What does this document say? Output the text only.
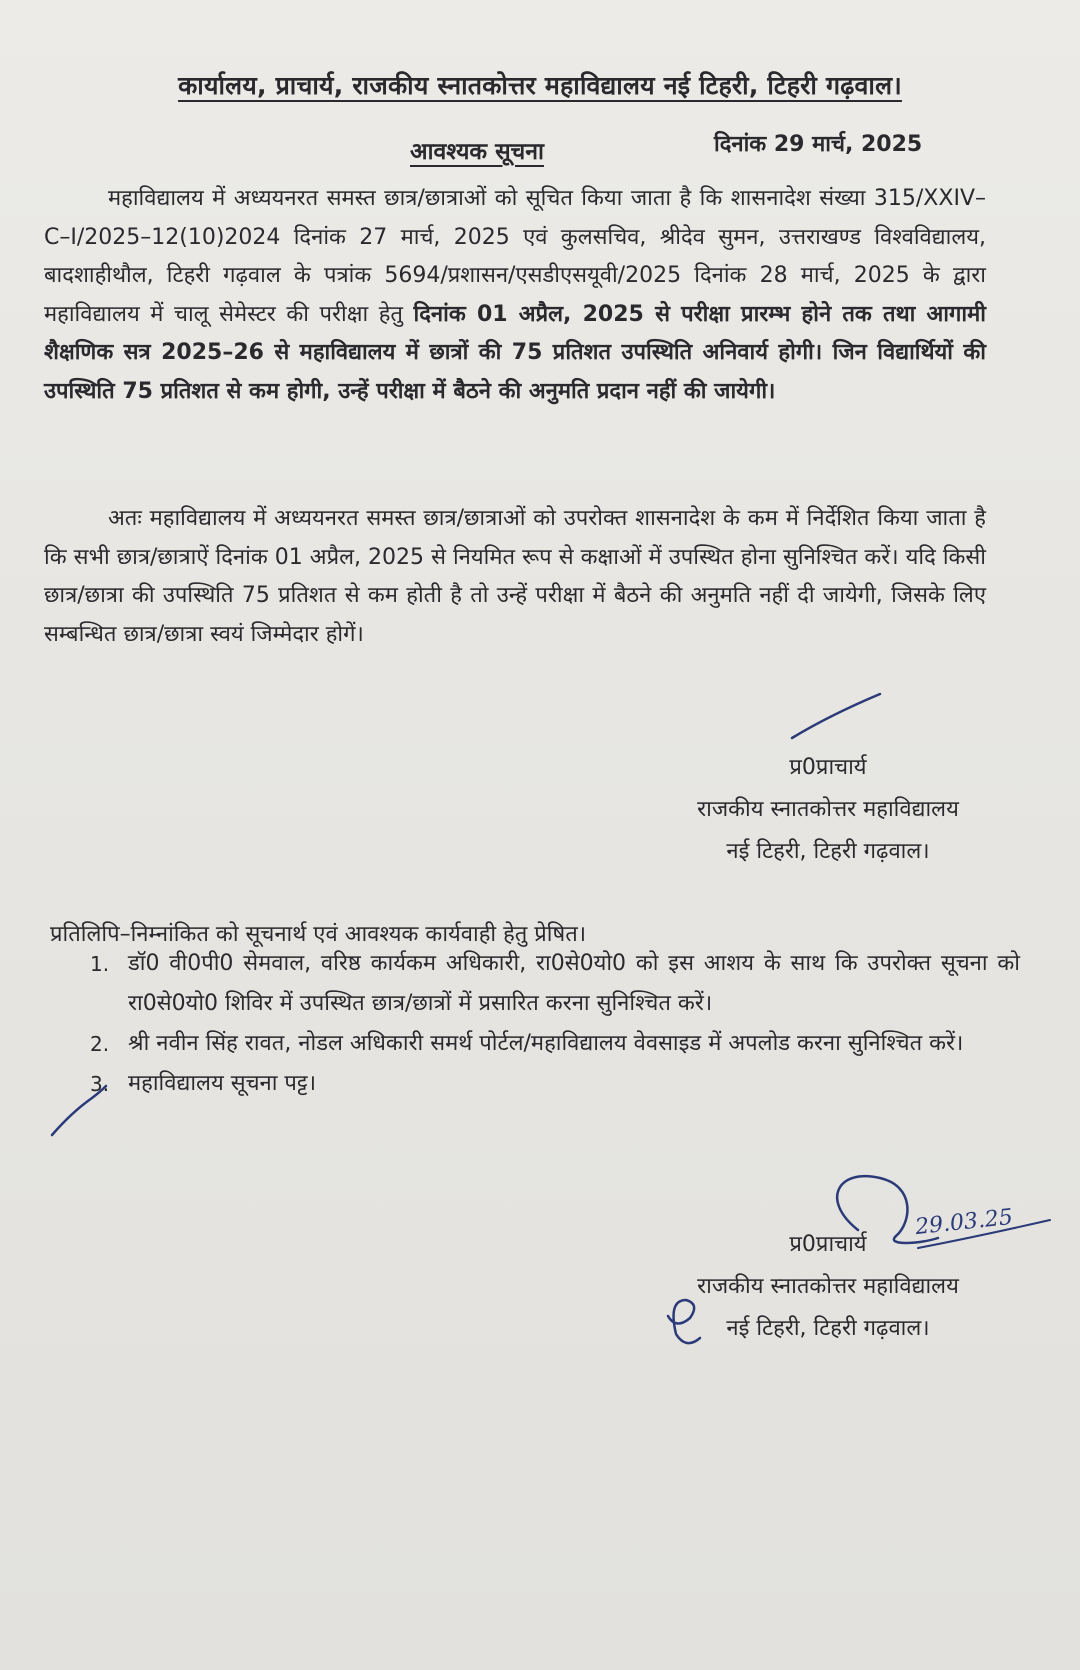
कार्यालय, प्राचार्य, राजकीय स्नातकोत्तर महाविद्यालय नई टिहरी, टिहरी गढ़वाल।
आवश्यक सूचना	दिनांक 29 मार्च, 2025

महाविद्यालय में अध्ययनरत समस्त छात्र/छात्राओं को सूचित किया जाता है कि शासनादेश संख्या 315/XXIV–C–I/2025–12(10)2024 दिनांक 27 मार्च, 2025 एवं कुलसचिव, श्रीदेव सुमन, उत्तराखण्ड विश्वविद्यालय, बादशाहीथौल, टिहरी गढ़वाल के पत्रांक 5694/प्रशासन/एसडीएसयूवी/2025 दिनांक 28 मार्च, 2025 के द्वारा महाविद्यालय में चालू सेमेस्टर की परीक्षा हेतु दिनांक 01 अप्रैल, 2025 से परीक्षा प्रारम्भ होने तक तथा आगामी शैक्षणिक सत्र 2025–26 से महाविद्यालय में छात्रों की 75 प्रतिशत उपस्थिति अनिवार्य होगी। जिन विद्यार्थियों की उपस्थिति 75 प्रतिशत से कम होगी, उन्हें परीक्षा में बैठने की अनुमति प्रदान नहीं की जायेगी।

अतः महाविद्यालय में अध्ययनरत समस्त छात्र/छात्राओं को उपरोक्त शासनादेश के कम में निर्देशित किया जाता है कि सभी छात्र/छात्राऐं दिनांक 01 अप्रैल, 2025 से नियमित रूप से कक्षाओं में उपस्थित होना सुनिश्चित करें। यदि किसी छात्र/छात्रा की उपस्थिति 75 प्रतिशत से कम होती है तो उन्हें परीक्षा में बैठने की अनुमति नहीं दी जायेगी, जिसके लिए सम्बन्धित छात्र/छात्रा स्वयं जिम्मेदार होगें।

प्र0प्राचार्य
राजकीय स्नातकोत्तर महाविद्यालय
नई टिहरी, टिहरी गढ़वाल।
प्रतिलिपि–निम्नांकित को सूचनार्थ एवं आवश्यक कार्यवाही हेतु प्रेषित।
1. डॉ0 वी0पी0 सेमवाल, वरिष्ठ कार्यकम अधिकारी, रा0से0यो0 को इस आशय के साथ कि उपरोक्त सूचना को रा0से0यो0 शिविर में उपस्थित छात्र/छात्रों में प्रसारित करना सुनिश्चित करें।
2. श्री नवीन सिंह रावत, नोडल अधिकारी समर्थ पोर्टल/महाविद्यालय वेवसाइड में अपलोड करना सुनिश्चित करें।
3. महाविद्यालय सूचना पट्ट।
प्र0प्राचार्य
राजकीय स्नातकोत्तर महाविद्यालय
नई टिहरी, टिहरी गढ़वाल।
29.03.25
